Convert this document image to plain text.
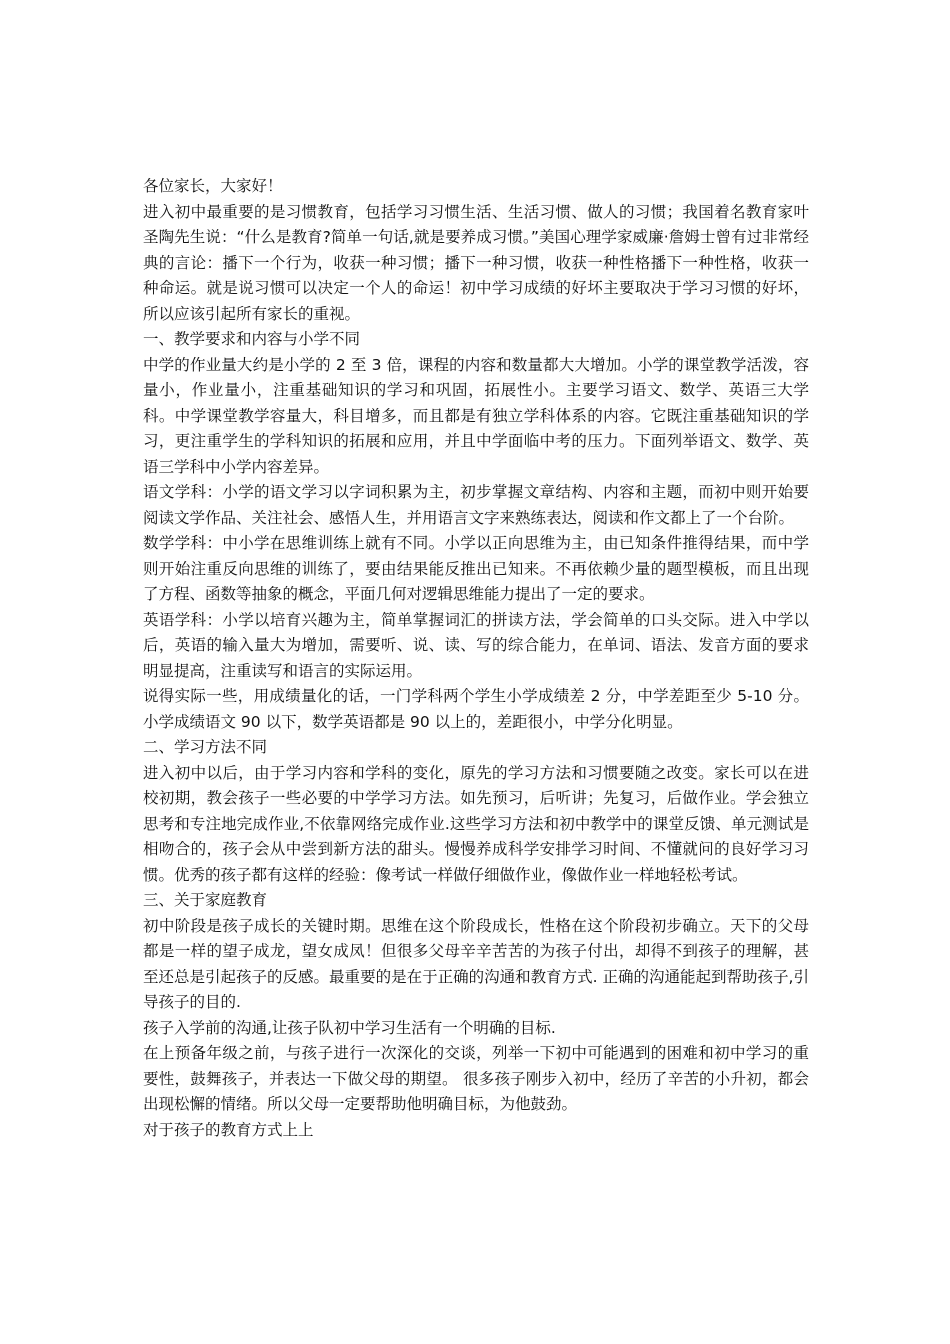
各位家长，大家好！

进入初中最重要的是习惯教育，包括学习习惯生活、生活习惯、做人的习惯；我国着名教育家叶圣陶先生说：“什么是教育?简单一句话,就是要养成习惯。”美国心理学家威廉·詹姆士曾有过非常经典的言论：播下一个行为，收获一种习惯；播下一种习惯，收获一种性格播下一种性格，收获一种命运。就是说习惯可以决定一个人的命运！初中学习成绩的好坏主要取决于学习习惯的好坏，所以应该引起所有家长的重视。

一、教学要求和内容与小学不同

中学的作业量大约是小学的 2 至 3 倍，课程的内容和数量都大大增加。小学的课堂教学活泼，容量小，作业量小，注重基础知识的学习和巩固，拓展性小。主要学习语文、数学、英语三大学科。中学课堂教学容量大，科目增多，而且都是有独立学科体系的内容。它既注重基础知识的学习，更注重学生的学科知识的拓展和应用，并且中学面临中考的压力。下面列举语文、数学、英语三学科中小学内容差异。

语文学科：小学的语文学习以字词积累为主，初步掌握文章结构、内容和主题，而初中则开始要阅读文学作品、关注社会、感悟人生，并用语言文字来熟练表达，阅读和作文都上了一个台阶。

数学学科：中小学在思维训练上就有不同。小学以正向思维为主，由已知条件推得结果，而中学则开始注重反向思维的训练了，要由结果能反推出已知来。不再依赖少量的题型模板，而且出现了方程、函数等抽象的概念，平面几何对逻辑思维能力提出了一定的要求。

英语学科：小学以培育兴趣为主，简单掌握词汇的拼读方法，学会简单的口头交际。进入中学以后，英语的输入量大为增加，需要听、说、读、写的综合能力，在单词、语法、发音方面的要求明显提高，注重读写和语言的实际运用。

说得实际一些，用成绩量化的话，一门学科两个学生小学成绩差 2 分，中学差距至少 5-10 分。小学成绩语文 90 以下，数学英语都是 90 以上的，差距很小，中学分化明显。

二、学习方法不同

进入初中以后，由于学习内容和学科的变化，原先的学习方法和习惯要随之改变。家长可以在进校初期，教会孩子一些必要的中学学习方法。如先预习，后听讲；先复习，后做作业。学会独立思考和专注地完成作业,不依靠网络完成作业.这些学习方法和初中教学中的课堂反馈、单元测试是相吻合的，孩子会从中尝到新方法的甜头。慢慢养成科学安排学习时间、不懂就问的良好学习习惯。优秀的孩子都有这样的经验：像考试一样做仔细做作业，像做作业一样地轻松考试。

三、关于家庭教育

初中阶段是孩子成长的关键时期。思维在这个阶段成长，性格在这个阶段初步确立。天下的父母都是一样的望子成龙，望女成凤！但很多父母辛辛苦苦的为孩子付出，却得不到孩子的理解，甚至还总是引起孩子的反感。最重要的是在于正确的沟通和教育方式. 正确的沟通能起到帮助孩子,引导孩子的目的.

孩子入学前的沟通,让孩子队初中学习生活有一个明确的目标.

在上预备年级之前，与孩子进行一次深化的交谈，列举一下初中可能遇到的困难和初中学习的重要性，鼓舞孩子，并表达一下做父母的期望。 很多孩子刚步入初中，经历了辛苦的小升初，都会出现松懈的情绪。所以父母一定要帮助他明确目标，为他鼓劲。

对于孩子的教育方式上上
